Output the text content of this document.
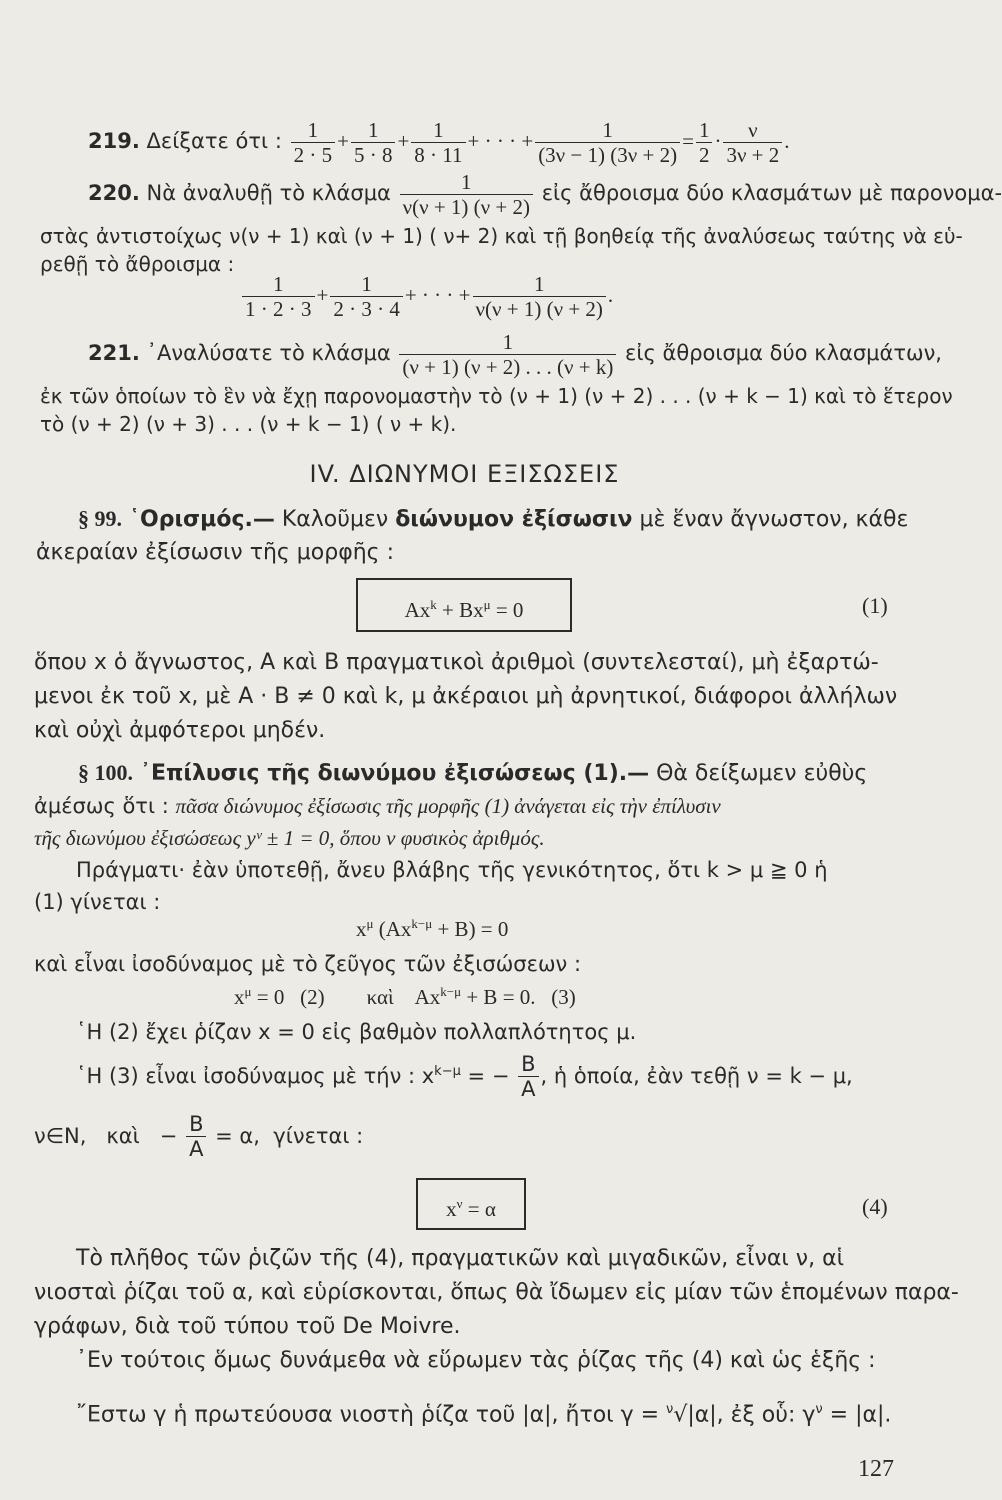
219. Δείξατε ότι : $\frac{1}{2 \cdot 5} + \frac{1}{5 \cdot 8} + \frac{1}{8 \cdot 11}$ + · · · + $\frac{1}{(3\nu - 1) (3\nu + 2)} = \frac{1}{2} \cdot \frac{\nu}{3\nu + 2}$ .
220. Νὰ ἀναλυθῇ τὸ κλάσμα $\frac{1}{\nu(\nu + 1) (\nu + 2)}$ εἰς ἄθροισμα δύο κλασμάτων μὲ παρονομα-
στὰς ἀντιστοίχως ν(ν + 1) καὶ (ν + 1) ( ν+ 2) καὶ τῇ βοηθείᾳ τῆς ἀναλύσεως ταύτης νὰ εὑ-
ρεθῇ τὸ ἄθροισμα :
$\frac{1}{1 \cdot 2 \cdot 3} + \frac{1}{2 \cdot 3 \cdot 4}$ + · · · + $\frac{1}{\nu(\nu + 1) (\nu + 2)}$ .
221. ᾿Αναλύσατε τὸ κλάσμα $\frac{1}{(\nu + 1) (\nu + 2) . . . (\nu + k)}$ εἰς ἄθροισμα δύο κλασμάτων,
ἐκ τῶν ὁποίων τὸ ἓν νὰ ἔχῃ παρονομαστὴν τὸ (ν + 1) (ν + 2) . . . (ν + k − 1) καὶ τὸ ἕτερον
τὸ (ν + 2) (ν + 3) . . . (ν + k − 1) ( ν + k).
IV. ΔΙΩΝΥΜΟΙ ΕΞΙΣΩΣΕΙΣ
§ 99. ῾Ορισμός.— Καλοῦμεν διώνυμον ἐξίσωσιν μὲ ἕναν ἄγνωστον, κάθε
ἀκεραίαν ἐξίσωσιν τῆς μορφῆς :
$Ax^k + Bx^\mu = 0$	(1)
ὅπου x ὁ ἄγνωστος, A καὶ B πραγματικοὶ ἀριθμοὶ (συντελεσταί), μὴ ἐξαρτώ-
μενοι ἐκ τοῦ x, μὲ A · B ≠ 0 καὶ k, μ ἀκέραιοι μὴ ἀρνητικοί, διάφοροι ἀλλήλων
καὶ οὐχὶ ἀμφότεροι μηδέν.
§ 100. ᾿Επίλυσις τῆς διωνύμου ἐξισώσεως (1).— Θὰ δείξωμεν εὐθὺς
ἀμέσως ὅτι : πᾶσα διώνυμος ἐξίσωσις τῆς μορφῆς (1) ἀνάγεται εἰς τὴν ἐπίλυσιν
τῆς διωνύμου ἐξισώσεως yᵛ ± 1 = 0, ὅπου ν φυσικὸς ἀριθμός.
Πράγματι· ἐὰν ὑποτεθῇ, ἄνευ βλάβης τῆς γενικότητος, ὅτι k > μ ≧ 0 ἡ
(1) γίνεται :
$x^\mu$ $(Ax^{k-\mu} + B) = 0$
καὶ εἶναι ἰσοδύναμος μὲ τὸ ζεῦγος τῶν ἐξισώσεων :
$x^\mu = 0$   (2)        καὶ    $Ax^{k-\mu} + B = 0$.   (3)
῾Η (2) ἔχει ῥίζαν x = 0 εἰς βαθμὸν πολλαπλότητος μ.
῾Η (3) εἶναι ἰσοδύναμος μὲ τήν : $x^{k-\mu}$ = − $\frac{B}{A}$ , ἡ ὁποία, ἐὰν τεθῇ ν = k − μ,
ν∈N,   καὶ   − $\frac{B}{A} = \alpha$,  γίνεται :
$x^\nu = \alpha$	(4)
Τὸ πλῆθος τῶν ῥιζῶν τῆς (4), πραγματικῶν καὶ μιγαδικῶν, εἶναι ν, αἱ
νιοσταὶ ῥίζαι τοῦ α, καὶ εὑρίσκονται, ὅπως θὰ ἴδωμεν εἰς μίαν τῶν ἑπομένων παρα-
γράφων, διὰ τοῦ τύπου τοῦ De Moivre.
᾿Εν τούτοις ὅμως δυνάμεθα νὰ εὕρωμεν τὰς ῥίζας τῆς (4) καὶ ὡς ἑξῆς :
῎Εστω γ ἡ πρωτεύουσα νιοστὴ ῥίζα τοῦ |α|, ἤτοι γ = $^\nu$√|α|, ἐξ οὗ: $\gamma^\nu = |\alpha|$.
127
